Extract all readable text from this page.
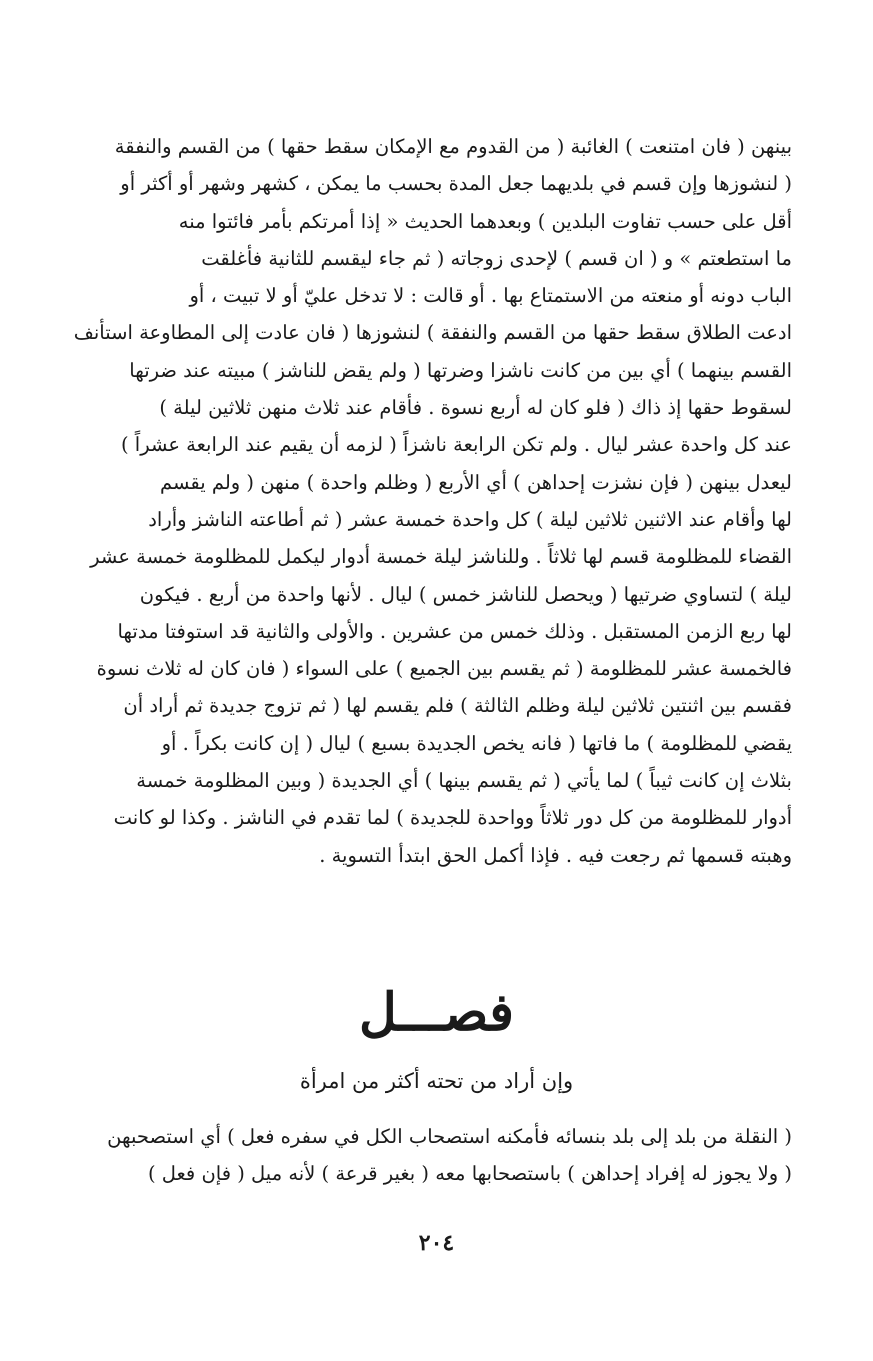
بينهن ( فان امتنعت ) الغائبة ( من القدوم مع الإمكان سقط حقها ) من القسم والنفقة
( لنشوزها وإن قسم في بلديهما جعل المدة بحسب ما يمكن ، كشهر وشهر أو أكثر أو
أقل على حسب تفاوت البلدين ) وبعدهما الحديث « إذا أمرتكم بأمر فائتوا منه
ما استطعتم » و ( ان قسم ) لإحدى زوجاته ( ثم جاء ليقسم للثانية فأغلقت
الباب دونه أو منعته من الاستمتاع بها . أو قالت : لا تدخل عليّ أو لا تبيت ، أو
ادعت الطلاق سقط حقها من القسم والنفقة ) لنشوزها ( فان عادت إلى المطاوعة استأنف
القسم بينهما ) أي بين من كانت ناشزا وضرتها ( ولم يقض للناشز ) مبيته عند ضرتها
لسقوط حقها إذ ذاك ( فلو كان له أربع نسوة . فأقام عند ثلاث منهن ثلاثين ليلة )
عند كل واحدة عشر ليال . ولم تكن الرابعة ناشزاً ( لزمه أن يقيم عند الرابعة عشراً )
ليعدل بينهن ( فإن نشزت إحداهن ) أي الأربع ( وظلم واحدة ) منهن ( ولم يقسم
لها وأقام عند الاثنين ثلاثين ليلة ) كل واحدة خمسة عشر ( ثم أطاعته الناشز وأراد
القضاء للمظلومة قسم لها ثلاثاً . وللناشز ليلة خمسة أدوار ليكمل للمظلومة خمسة عشر
ليلة ) لتساوي ضرتيها ( ويحصل للناشز خمس ) ليال . لأنها واحدة من أربع . فيكون
لها ربع الزمن المستقبل . وذلك خمس من عشرين . والأولى والثانية قد استوفتا مدتها
فالخمسة عشر للمظلومة ( ثم يقسم بين الجميع ) على السواء ( فان كان له ثلاث نسوة
فقسم بين اثنتين ثلاثين ليلة وظلم الثالثة ) فلم يقسم لها ( ثم تزوج جديدة ثم أراد أن
يقضي للمظلومة ) ما فاتها ( فانه يخص الجديدة بسبع ) ليال ( إن كانت بكراً . أو
بثلاث إن كانت ثيباً ) لما يأتي ( ثم يقسم بينها ) أي الجديدة ( وبين المظلومة خمسة
أدوار للمظلومة من كل دور ثلاثاً وواحدة للجديدة ) لما تقدم في الناشز . وكذا لو كانت
وهبته قسمها ثم رجعت فيه . فإذا أكمل الحق ابتدأ التسوية .
فصـــل
وإن أراد من تحته أكثر من امرأة
( النقلة من بلد إلى بلد بنسائه فأمكنه استصحاب الكل في سفره فعل ) أي استصحبهن
( ولا يجوز له إفراد إحداهن ) باستصحابها معه ( بغير قرعة ) لأنه ميل ( فإن فعل )
٢٠٤
